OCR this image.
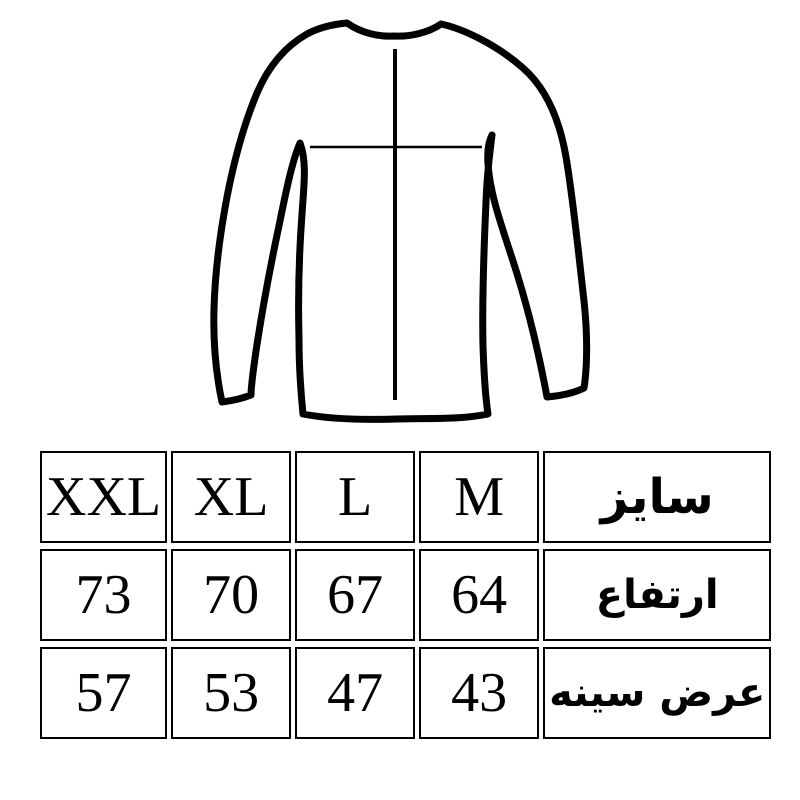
XXL	XL	L	M	سایز
73	70	67	64	ارتفاع
57	53	47	43	عرض سینه
